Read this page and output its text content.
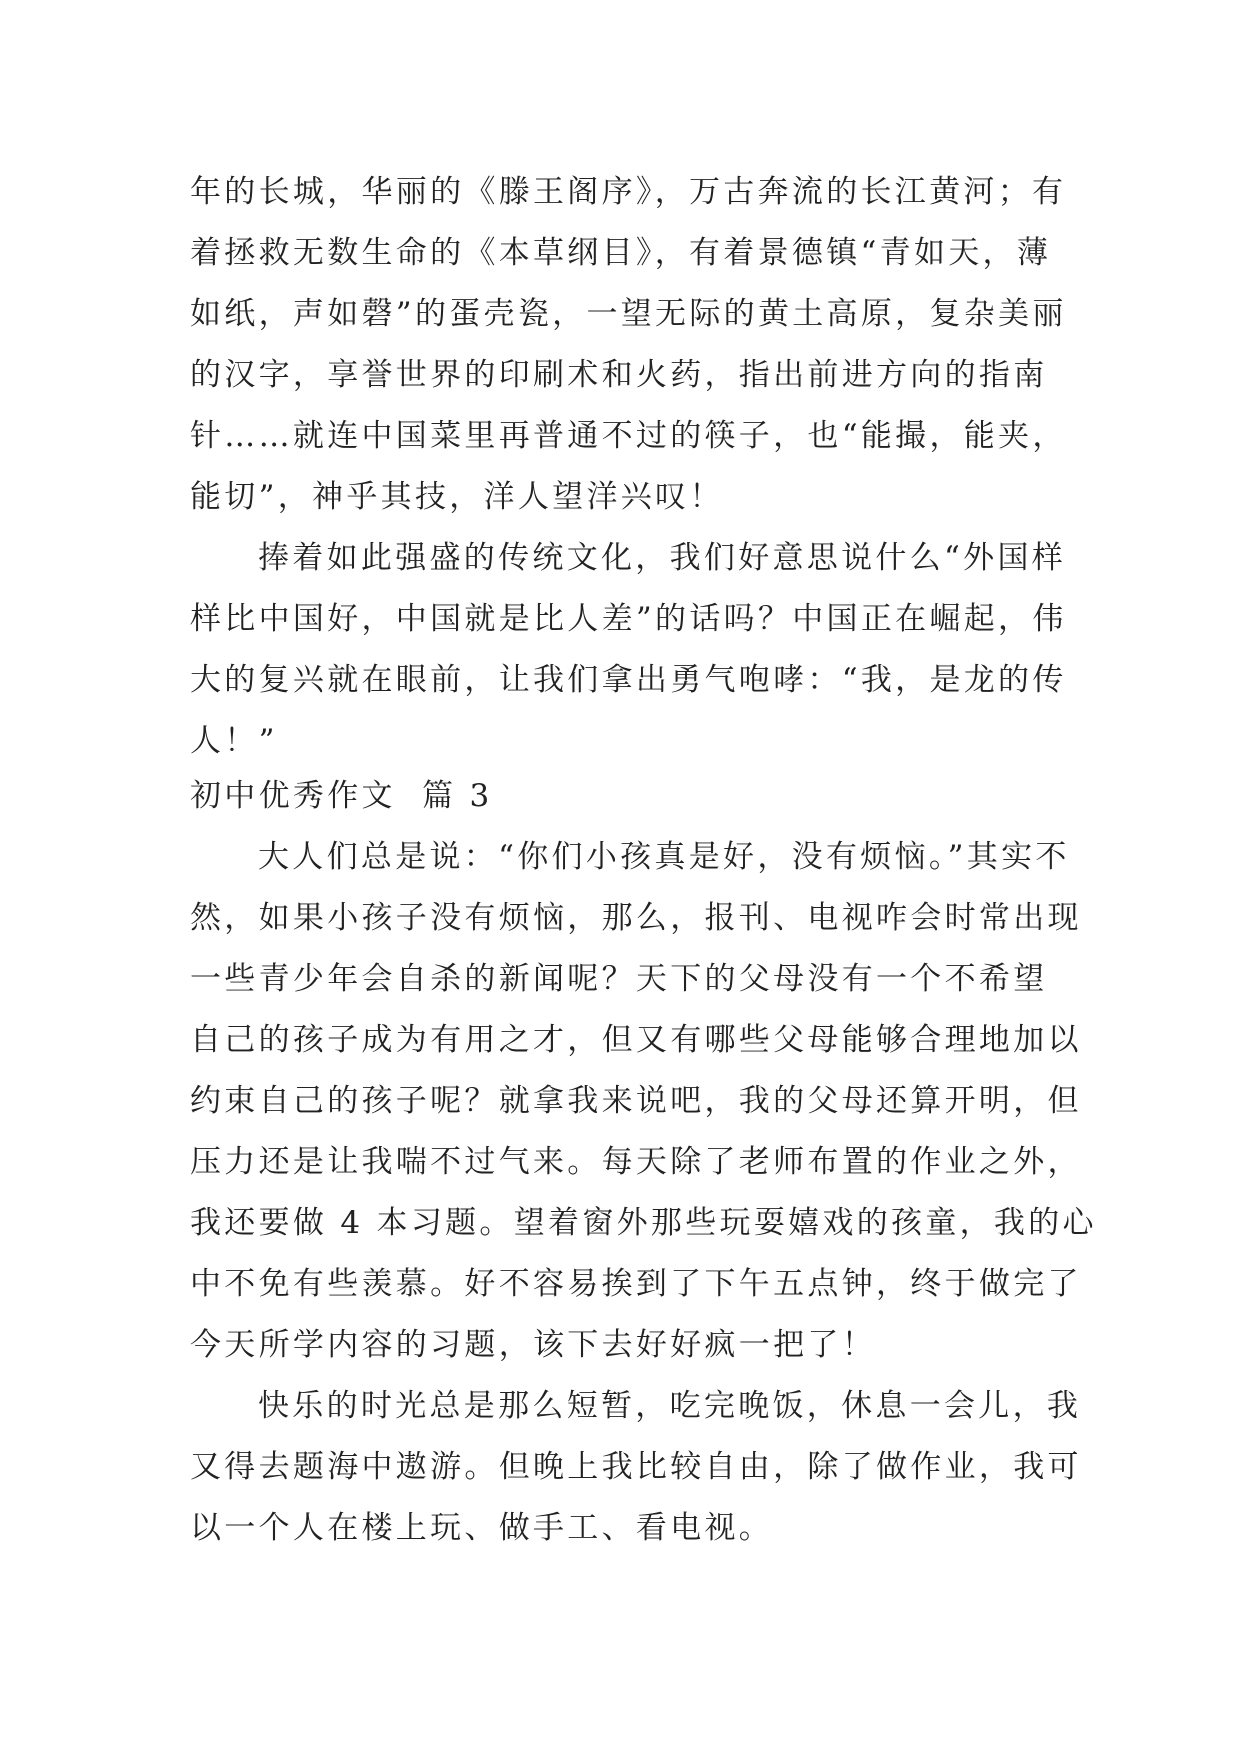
年的长城，华丽的《滕王阁序》，万古奔流的长江黄河；有
着拯救无数生命的《本草纲目》，有着景德镇“青如天，薄
如纸，声如磬”的蛋壳瓷，一望无际的黄土高原，复杂美丽
的汉字，享誉世界的印刷术和火药，指出前进方向的指南
针……就连中国菜里再普通不过的筷子，也“能撮，能夹，
能切”，神乎其技，洋人望洋兴叹！

捧着如此强盛的传统文化，我们好意思说什么“外国样
样比中国好，中国就是比人差”的话吗？中国正在崛起，伟
大的复兴就在眼前，让我们拿出勇气咆哮：“我，是龙的传
人！”

初中优秀作文  篇 3

大人们总是说：“你们小孩真是好，没有烦恼。”其实不
然，如果小孩子没有烦恼，那么，报刊、电视咋会时常出现
一些青少年会自杀的新闻呢？天下的父母没有一个不希望
自己的孩子成为有用之才，但又有哪些父母能够合理地加以
约束自己的孩子呢？就拿我来说吧，我的父母还算开明，但
压力还是让我喘不过气来。每天除了老师布置的作业之外，
我还要做 4 本习题。望着窗外那些玩耍嬉戏的孩童，我的心
中不免有些羡慕。好不容易挨到了下午五点钟，终于做完了
今天所学内容的习题，该下去好好疯一把了！

快乐的时光总是那么短暂，吃完晚饭，休息一会儿，我
又得去题海中遨游。但晚上我比较自由，除了做作业，我可
以一个人在楼上玩、做手工、看电视。
